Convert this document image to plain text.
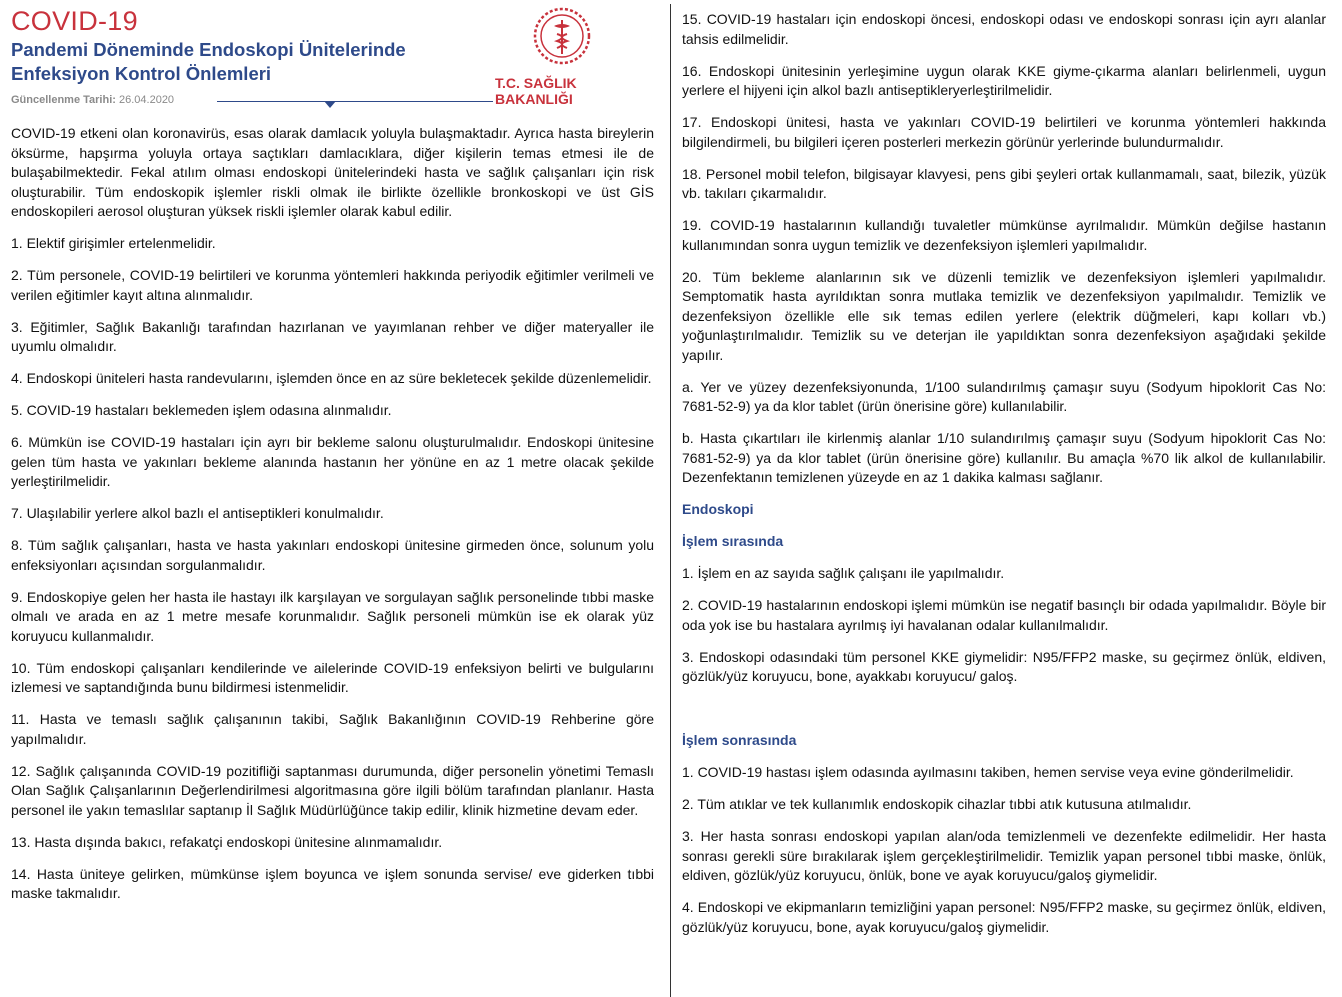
COVID-19
Pandemi Döneminde Endoskopi Ünitelerinde Enfeksiyon Kontrol Önlemleri
Güncellenme Tarihi: 26.04.2020
T.C. SAĞLIK BAKANLIĞI

COVID-19 etkeni olan koronavirüs, esas olarak damlacık yoluyla bulaşmaktadır. Ayrıca hasta bireylerin öksürme, hapşırma yoluyla ortaya saçtıkları damlacıklara, diğer kişilerin temas etmesi ile de bulaşabilmektedir. Fekal atılım olması endoskopi ünitelerindeki hasta ve sağlık çalışanları için risk oluşturabilir. Tüm endoskopik işlemler riskli olmak ile birlikte özellikle bronkoskopi ve üst GİS endoskopileri aerosol oluşturan yüksek riskli işlemler olarak kabul edilir.

1. Elektif girişimler ertelenmelidir.

2. Tüm personele, COVID-19 belirtileri ve korunma yöntemleri hakkında periyodik eğitimler verilmeli ve verilen eğitimler kayıt altına alınmalıdır.

3. Eğitimler, Sağlık Bakanlığı tarafından hazırlanan ve yayımlanan rehber ve diğer materyaller ile uyumlu olmalıdır.

4. Endoskopi üniteleri hasta randevularını, işlemden önce en az süre bekletecek şekilde düzenlemelidir.

5. COVID-19 hastaları beklemeden işlem odasına alınmalıdır.

6. Mümkün ise COVID-19 hastaları için ayrı bir bekleme salonu oluşturulmalıdır. Endoskopi ünitesine gelen tüm hasta ve yakınları bekleme alanında hastanın her yönüne en az 1 metre olacak şekilde yerleştirilmelidir.

7. Ulaşılabilir yerlere alkol bazlı el antiseptikleri konulmalıdır.

8. Tüm sağlık çalışanları, hasta ve hasta yakınları endoskopi ünitesine girmeden önce, solunum yolu enfeksiyonları açısından sorgulanmalıdır.

9. Endoskopiye gelen her hasta ile hastayı ilk karşılayan ve sorgulayan sağlık personelinde tıbbi maske olmalı ve arada en az 1 metre mesafe korunmalıdır. Sağlık personeli mümkün ise ek olarak yüz koruyucu kullanmalıdır.

10. Tüm endoskopi çalışanları kendilerinde ve ailelerinde COVID-19 enfeksiyon belirti ve bulgularını izlemesi ve saptandığında bunu bildirmesi istenmelidir.

11. Hasta ve temaslı sağlık çalışanının takibi, Sağlık Bakanlığının COVID-19 Rehberine göre yapılmalıdır.

12. Sağlık çalışanında COVID-19 pozitifliği saptanması durumunda, diğer personelin yönetimi Temaslı Olan Sağlık Çalışanlarının Değerlendirilmesi algoritmasına göre ilgili bölüm tarafından planlanır. Hasta personel ile yakın temaslılar saptanıp İl Sağlık Müdürlüğünce takip edilir, klinik hizmetine devam eder.

13. Hasta dışında bakıcı, refakatçi endoskopi ünitesine alınmamalıdır.

14. Hasta üniteye gelirken, mümkünse işlem boyunca ve işlem sonunda servise/ eve giderken tıbbi maske takmalıdır.

15. COVID-19 hastaları için endoskopi öncesi, endoskopi odası ve endoskopi sonrası için ayrı alanlar tahsis edilmelidir.

16. Endoskopi ünitesinin yerleşimine uygun olarak KKE giyme-çıkarma alanları belirlenmeli, uygun yerlere el hijyeni için alkol bazlı antiseptikleryerleştirilmelidir.

17. Endoskopi ünitesi, hasta ve yakınları COVID-19 belirtileri ve korunma yöntemleri hakkında bilgilendirmeli, bu bilgileri içeren posterleri merkezin görünür yerlerinde bulundurmalıdır.

18. Personel mobil telefon, bilgisayar klavyesi, pens gibi şeyleri ortak kullanmamalı, saat, bilezik, yüzük vb. takıları çıkarmalıdır.

19. COVID-19 hastalarının kullandığı tuvaletler mümkünse ayrılmalıdır. Mümkün değilse hastanın kullanımından sonra uygun temizlik ve dezenfeksiyon işlemleri yapılmalıdır.

20. Tüm bekleme alanlarının sık ve düzenli temizlik ve dezenfeksiyon işlemleri yapılmalıdır. Semptomatik hasta ayrıldıktan sonra mutlaka temizlik ve dezenfeksiyon yapılmalıdır. Temizlik ve dezenfeksiyon özellikle elle sık temas edilen yerlere (elektrik düğmeleri, kapı kolları vb.) yoğunlaştırılmalıdır. Temizlik su ve deterjan ile yapıldıktan sonra dezenfeksiyon aşağıdaki şekilde yapılır.

a. Yer ve yüzey dezenfeksiyonunda, 1/100 sulandırılmış çamaşır suyu (Sodyum hipoklorit Cas No: 7681-52-9) ya da klor tablet (ürün önerisine göre) kullanılabilir.

b. Hasta çıkartıları ile kirlenmiş alanlar 1/10 sulandırılmış çamaşır suyu (Sodyum hipoklorit Cas No: 7681-52-9) ya da klor tablet (ürün önerisine göre) kullanılır. Bu amaçla %70 lik alkol de kullanılabilir. Dezenfektanın temizlenen yüzeyde en az 1 dakika kalması sağlanır.

Endoskopi

İşlem sırasında

1. İşlem en az sayıda sağlık çalışanı ile yapılmalıdır.

2. COVID-19 hastalarının endoskopi işlemi mümkün ise negatif basınçlı bir odada yapılmalıdır. Böyle bir oda yok ise bu hastalara ayrılmış iyi havalanan odalar kullanılmalıdır.

3. Endoskopi odasındaki tüm personel KKE giymelidir: N95/FFP2 maske, su geçirmez önlük, eldiven, gözlük/yüz koruyucu, bone, ayakkabı koruyucu/ galoş.

İşlem sonrasında

1. COVID-19 hastası işlem odasında ayılmasını takiben, hemen servise veya evine gönderilmelidir.

2. Tüm atıklar ve tek kullanımlık endoskopik cihazlar tıbbi atık kutusuna atılmalıdır.

3. Her hasta sonrası endoskopi yapılan alan/oda temizlenmeli ve dezenfekte edilmelidir. Her hasta sonrası gerekli süre bırakılarak işlem gerçekleştirilmelidir. Temizlik yapan personel tıbbi maske, önlük, eldiven, gözlük/yüz koruyucu, önlük, bone ve ayak koruyucu/galoş giymelidir.

4. Endoskopi ve ekipmanların temizliğini yapan personel: N95/FFP2 maske, su geçirmez önlük, eldiven, gözlük/yüz koruyucu, bone, ayak koruyucu/galoş giymelidir.
